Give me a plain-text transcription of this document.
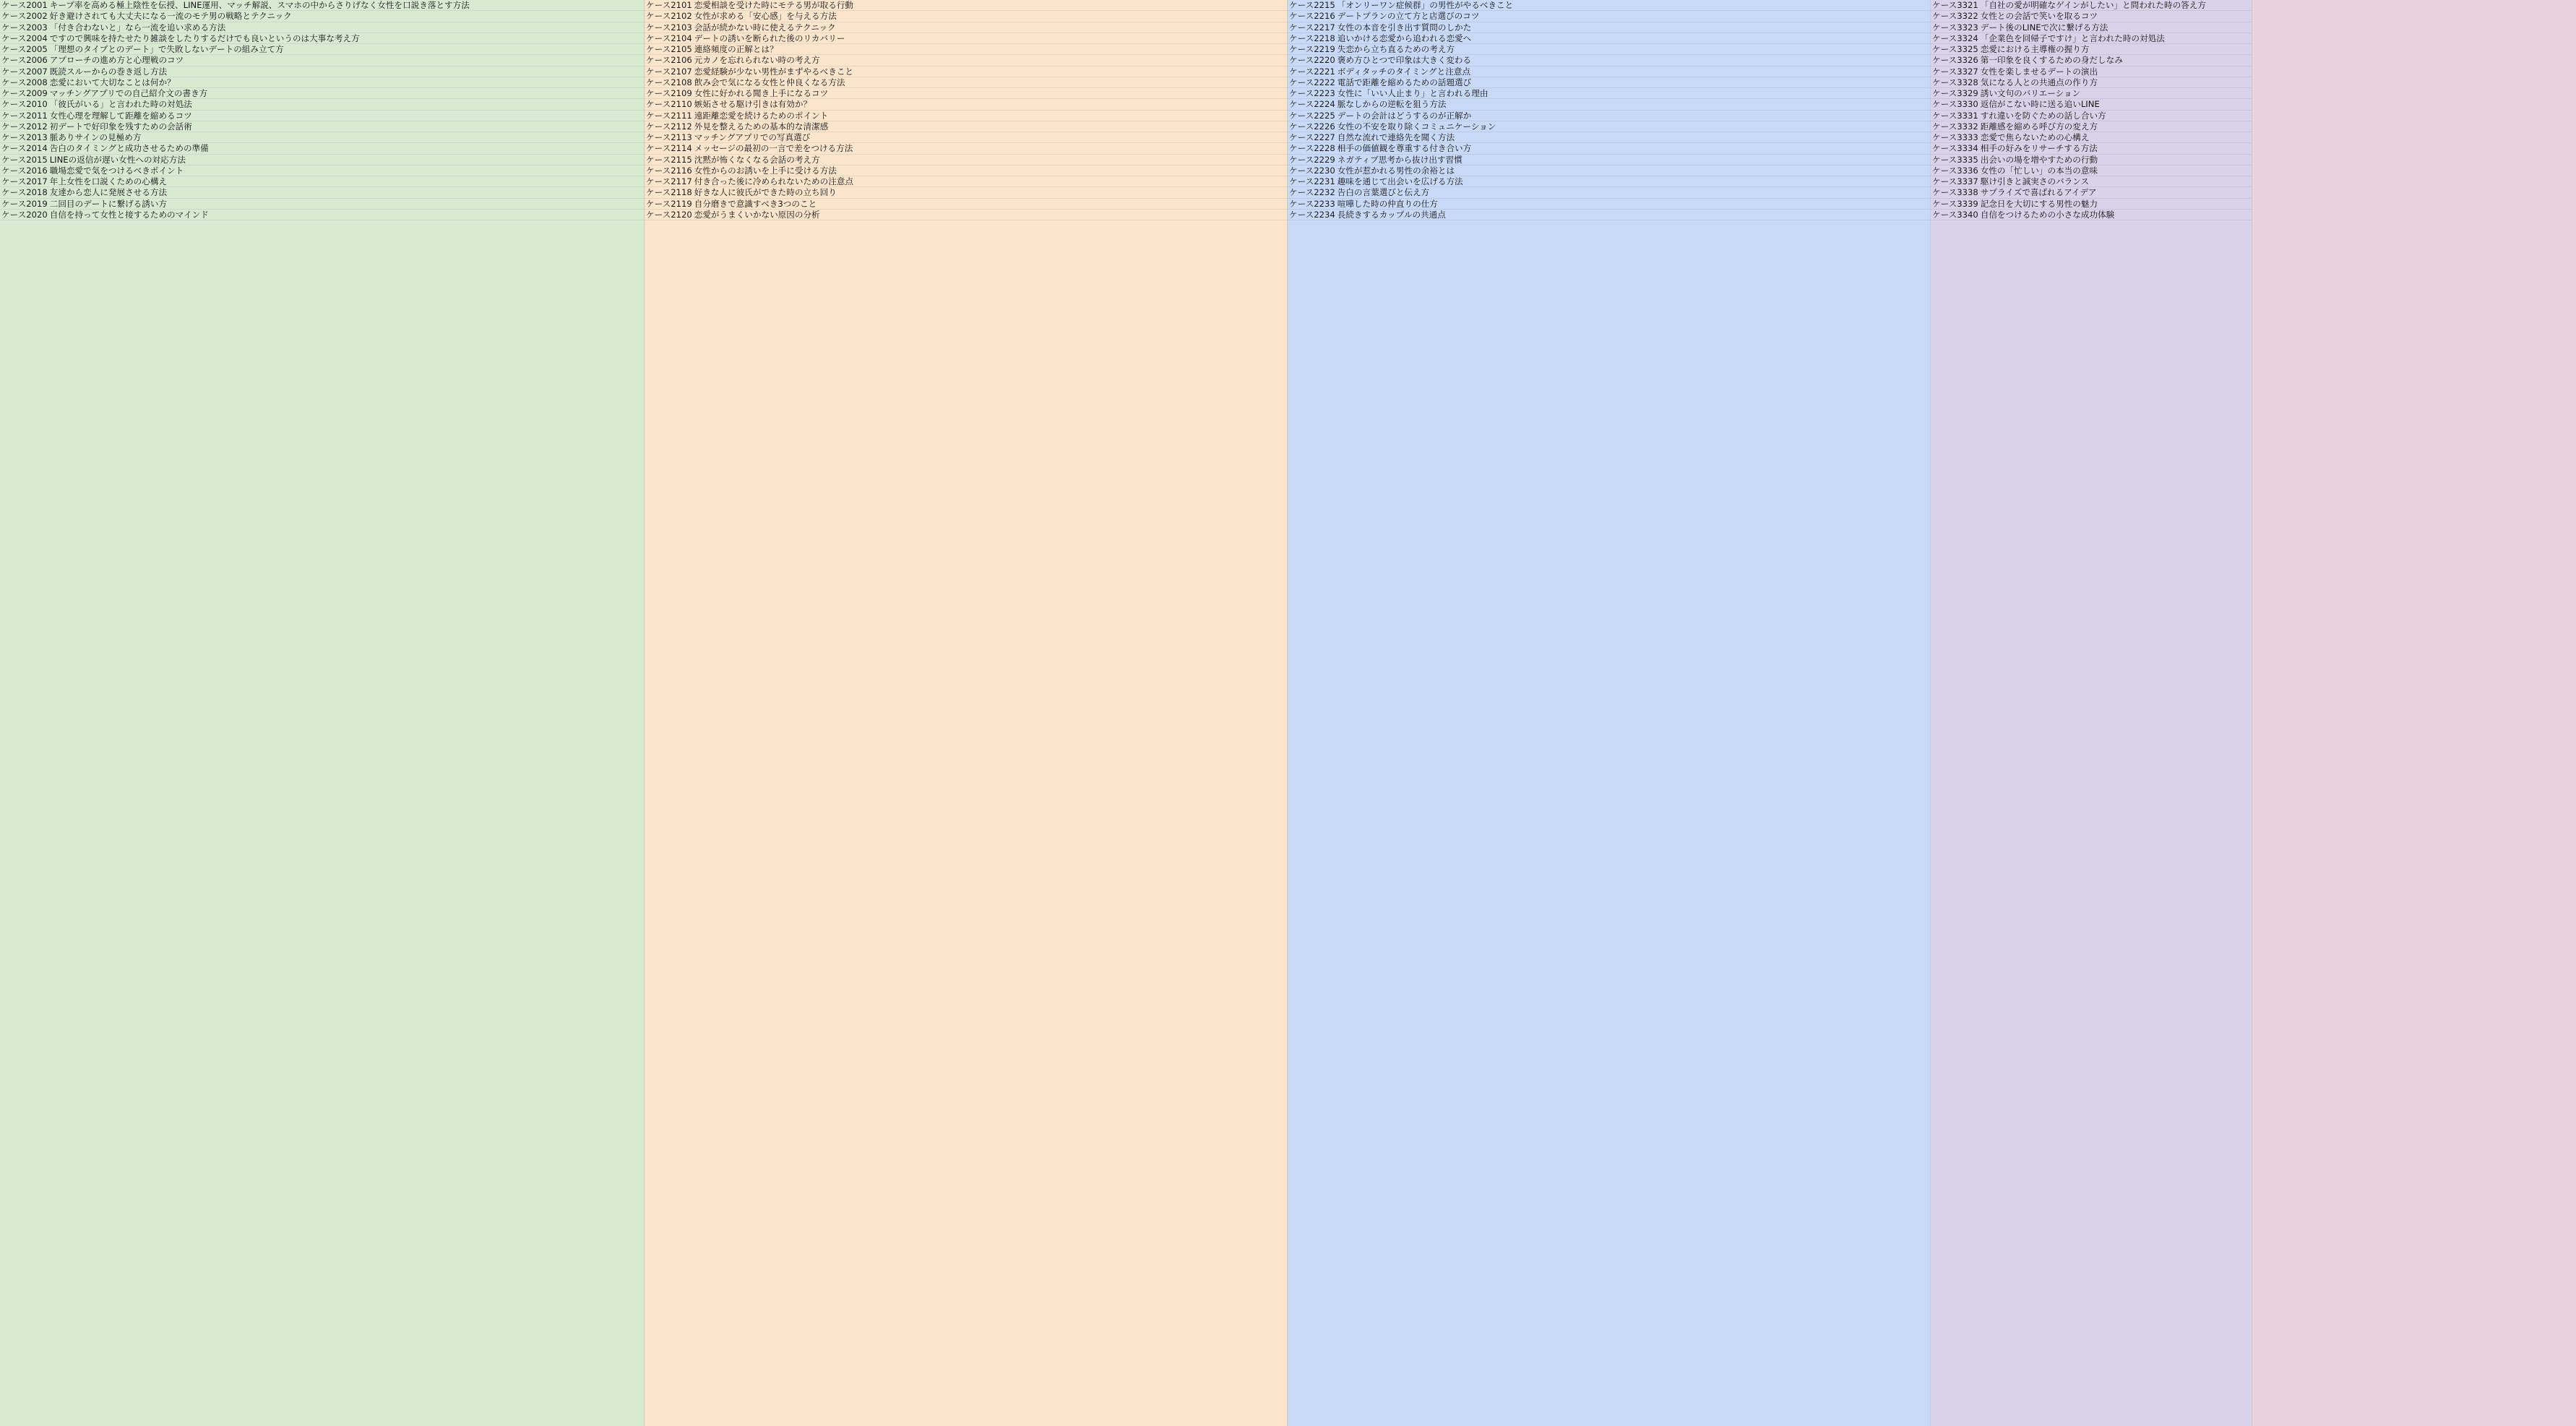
ケース2001 キープ率を高める極上陰性を伝授、LINE運用、マッチ解説、スマホの中からさりげなく女性を口説き落とす方法
ケース2002 好き避けされても大丈夫になる一流のモテ男の戦略とテクニック
ケース2003 「付き合わないと」なら一流を追い求める方法
ケース2004 ですので興味を持たせたり雑談をしたりするだけでも良いというのは大事な考え方
ケース2005 「理想のタイプとのデート」で失敗しないデートの組み立て方
ケース2006 アプローチの進め方と心理戦のコツ
ケース2007 既読スルーからの巻き返し方法
ケース2008 恋愛において大切なことは何か？
ケース2009 マッチングアプリでの自己紹介文の書き方
ケース2010 「彼氏がいる」と言われた時の対処法
ケース2011 女性心理を理解して距離を縮めるコツ
ケース2012 初デートで好印象を残すための会話術
ケース2013 脈ありサインの見極め方
ケース2014 告白のタイミングと成功させるための準備
ケース2015 LINEの返信が遅い女性への対応方法
ケース2016 職場恋愛で気をつけるべきポイント
ケース2017 年上女性を口説くための心構え
ケース2018 友達から恋人に発展させる方法
ケース2019 二回目のデートに繋げる誘い方
ケース2020 自信を持って女性と接するためのマインド
ケース2101 恋愛相談を受けた時にモテる男が取る行動
ケース2102 女性が求める「安心感」を与える方法
ケース2103 会話が続かない時に使えるテクニック
ケース2104 デートの誘いを断られた後のリカバリー
ケース2105 連絡頻度の正解とは？
ケース2106 元カノを忘れられない時の考え方
ケース2107 恋愛経験が少ない男性がまずやるべきこと
ケース2108 飲み会で気になる女性と仲良くなる方法
ケース2109 女性に好かれる聞き上手になるコツ
ケース2110 嫉妬させる駆け引きは有効か？
ケース2111 遠距離恋愛を続けるためのポイント
ケース2112 外見を整えるための基本的な清潔感
ケース2113 マッチングアプリでの写真選び
ケース2114 メッセージの最初の一言で差をつける方法
ケース2115 沈黙が怖くなくなる会話の考え方
ケース2116 女性からのお誘いを上手に受ける方法
ケース2117 付き合った後に冷められないための注意点
ケース2118 好きな人に彼氏ができた時の立ち回り
ケース2119 自分磨きで意識すべき3つのこと
ケース2120 恋愛がうまくいかない原因の分析
ケース2215 「オンリーワン症候群」の男性がやるべきこと
ケース2216 デートプランの立て方と店選びのコツ
ケース2217 女性の本音を引き出す質問のしかた
ケース2218 追いかける恋愛から追われる恋愛へ
ケース2219 失恋から立ち直るための考え方
ケース2220 褒め方ひとつで印象は大きく変わる
ケース2221 ボディタッチのタイミングと注意点
ケース2222 電話で距離を縮めるための話題選び
ケース2223 女性に「いい人止まり」と言われる理由
ケース2224 脈なしからの逆転を狙う方法
ケース2225 デートの会計はどうするのが正解か
ケース2226 女性の不安を取り除くコミュニケーション
ケース2227 自然な流れで連絡先を聞く方法
ケース2228 相手の価値観を尊重する付き合い方
ケース2229 ネガティブ思考から抜け出す習慣
ケース2230 女性が惹かれる男性の余裕とは
ケース2231 趣味を通じて出会いを広げる方法
ケース2232 告白の言葉選びと伝え方
ケース2233 喧嘩した時の仲直りの仕方
ケース2234 長続きするカップルの共通点
ケース3321 「自社の愛が明確なゲインがしたい」と問われた時の答え方
ケース3322 女性との会話で笑いを取るコツ
ケース3323 デート後のLINEで次に繋げる方法
ケース3324 「企業色を回帰子ですけ」と言われた時の対処法
ケース3325 恋愛における主導権の握り方
ケース3326 第一印象を良くするための身だしなみ
ケース3327 女性を楽しませるデートの演出
ケース3328 気になる人との共通点の作り方
ケース3329 誘い文句のバリエーション
ケース3330 返信がこない時に送る追いLINE
ケース3331 すれ違いを防ぐための話し合い方
ケース3332 距離感を縮める呼び方の変え方
ケース3333 恋愛で焦らないための心構え
ケース3334 相手の好みをリサーチする方法
ケース3335 出会いの場を増やすための行動
ケース3336 女性の「忙しい」の本当の意味
ケース3337 駆け引きと誠実さのバランス
ケース3338 サプライズで喜ばれるアイデア
ケース3339 記念日を大切にする男性の魅力
ケース3340 自信をつけるための小さな成功体験
